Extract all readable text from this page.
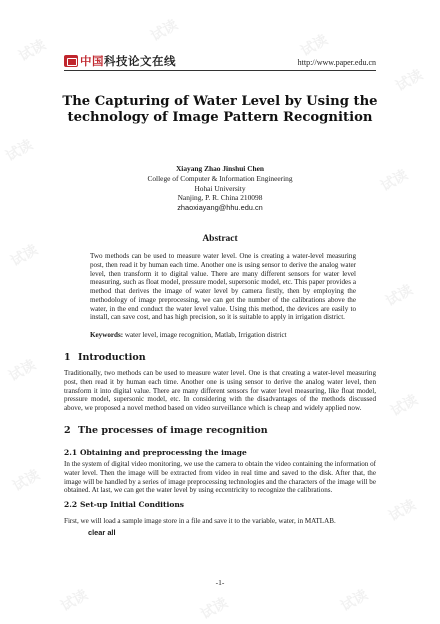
试读
试读
试读
试读
试读
试读
试读
试读
试读
试读
试读
试读
试读	试读	试读
中国科技论文在线	http://www.paper.edu.cn
The Capturing of Water Level by Using the technology of Image Pattern Recognition
Xiayang Zhao Jinshui Chen
College of Computer & Information Engineering
Hohai University
Nanjing, P. R. China 210098
zhaoxiayang@hhu.edu.cn
Abstract
Two methods can be used to measure water level. One is creating a water-level measuring post, then read it by human each time. Another one is using sensor to derive the analog water level, then transform it to digital value. There are many different sensors for water level measuring, such as float model, pressure model, supersonic model, etc. This paper provides a method that derives the image of water level by camera firstly, then by employing the methodology of image preprocessing, we can get the number of the calibrations above the water, in the end conduct the water level value. Using this method, the devices are easily to install, can save cost, and has high precision, so it is suitable to apply in irrigation district.
Keywords: water level, image recognition, Matlab, Irrigation district
1 Introduction
Traditionally, two methods can be used to measure water level. One is that creating a water-level measuring post, then read it by human each time. Another one is using sensor to derive the analog water level, then transform it into digital value. There are many different sensors for water level measuring, like float model, pressure model, supersonic model, etc. In considering with the disadvantages of the methods discussed above, we proposed a novel method based on video surveillance which is cheap and widely applied now.
2 The processes of image recognition
2.1 Obtaining and preprocessing the image
In the system of digital video monitoring, we use the camera to obtain the video containing the information of water level. Then the image will be extracted from video in real time and saved to the disk. After that, the image will be handled by a series of image preprocessing technologies and the characters of the image will be obtained. At last, we can get the water level by using eccentricity to recognize the calibrations.
2.2 Set-up Initial Conditions
First, we will load a sample image store in a file and save it to the variable, water, in MATLAB.
clear all
-1-
